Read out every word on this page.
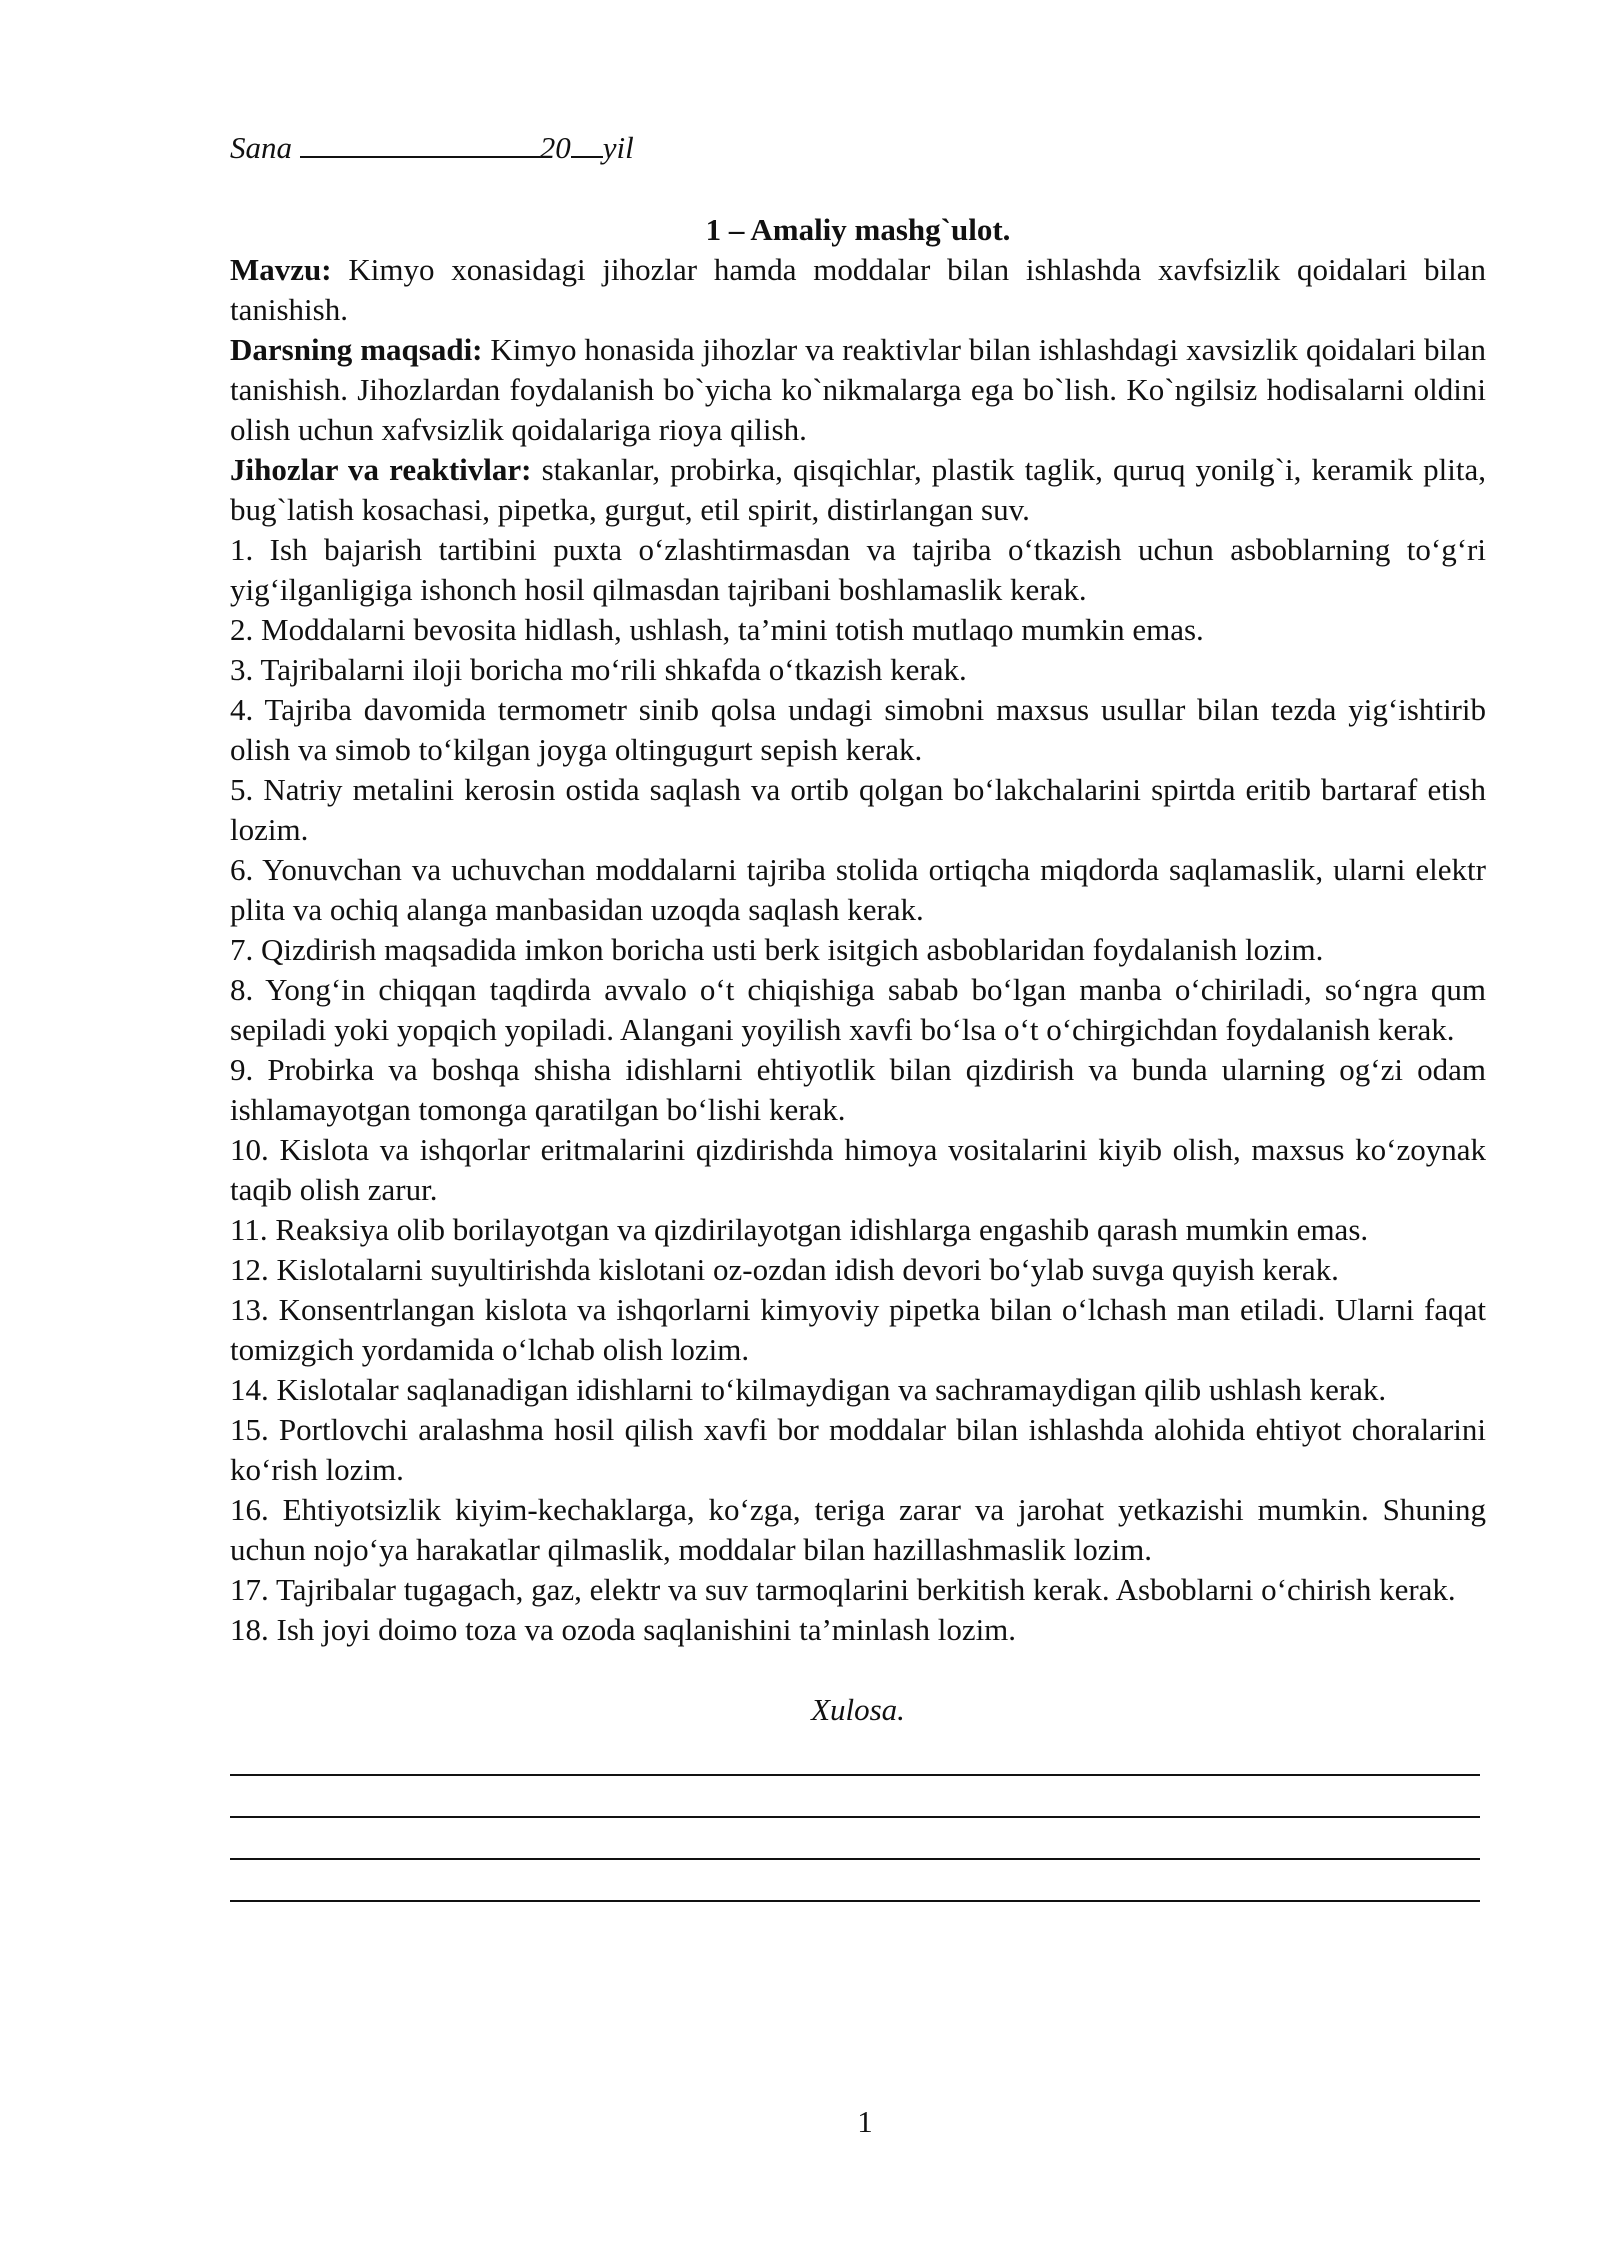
Sana	20 yil
1 – Amaliy mashg`ulot.

Mavzu: Kimyo xonasidagi jihozlar hamda moddalar bilan ishlashda xavfsizlik qoidalari bilan tanishish.

Darsning maqsadi: Kimyo honasida jihozlar va reaktivlar bilan ishlashdagi xavsizlik qoidalari bilan tanishish. Jihozlardan foydalanish bo`yicha ko`nikmalarga ega bo`lish. Ko`ngilsiz hodisalarni oldini olish uchun xafvsizlik qoidalariga rioya qilish.

Jihozlar va reaktivlar: stakanlar, probirka, qisqichlar, plastik taglik, quruq yonilg`i, keramik plita, bug`latish kosachasi, pipetka, gurgut, etil spirit, distirlangan suv.

1. Ish bajarish tartibini puxta o‘zlashtirmasdan va tajriba o‘tkazish uchun asboblarning to‘g‘ri yig‘ilganligiga ishonch hosil qilmasdan tajribani boshlamaslik kerak.
2. Moddalarni bevosita hidlash, ushlash, ta’mini totish mutlaqo mumkin emas.
3. Tajribalarni iloji boricha mo‘rili shkafda o‘tkazish kerak.
4. Tajriba davomida termometr sinib qolsa undagi simobni maxsus usullar bilan tezda yig‘ishtirib olish va simob to‘kilgan joyga oltingugurt sepish kerak.
5. Natriy metalini kerosin ostida saqlash va ortib qolgan bo‘lakchalarini spirtda eritib bartaraf etish lozim.
6. Yonuvchan va uchuvchan moddalarni tajriba stolida ortiqcha miqdorda saqlamaslik, ularni elektr plita va ochiq alanga manbasidan uzoqda saqlash kerak.
7. Qizdirish maqsadida imkon boricha usti berk isitgich asboblaridan foydalanish lozim.
8. Yong‘in chiqqan taqdirda avvalo o‘t chiqishiga sabab bo‘lgan manba o‘chiriladi, so‘ngra qum sepiladi yoki yopqich yopiladi. Alangani yoyilish xavfi bo‘lsa o‘t o‘chirgichdan foydalanish kerak.
9. Probirka va boshqa shisha idishlarni ehtiyotlik bilan qizdirish va bunda ularning og‘zi odam ishlamayotgan tomonga qaratilgan bo‘lishi kerak.
10. Kislota va ishqorlar eritmalarini qizdirishda himoya vositalarini kiyib olish, maxsus ko‘zoynak taqib olish zarur.
11. Reaksiya olib borilayotgan va qizdirilayotgan idishlarga engashib qarash mumkin emas.
12. Kislotalarni suyultirishda kislotani oz-ozdan idish devori bo‘ylab suvga quyish kerak.
13. Konsentrlangan kislota va ishqorlarni kimyoviy pipetka bilan o‘lchash man etiladi. Ularni faqat tomizgich yordamida o‘lchab olish lozim.
14. Kislotalar saqlanadigan idishlarni to‘kilmaydigan va sachramaydigan qilib ushlash kerak.
15. Portlovchi aralashma hosil qilish xavfi bor moddalar bilan ishlashda alohida ehtiyot choralarini ko‘rish lozim.
16. Ehtiyotsizlik kiyim-kechaklarga, ko‘zga, teriga zarar va jarohat yetkazishi mumkin. Shuning uchun nojo‘ya harakatlar qilmaslik, moddalar bilan hazillashmaslik lozim.
17. Tajribalar tugagach, gaz, elektr va suv tarmoqlarini berkitish kerak. Asboblarni o‘chirish kerak.
18. Ish joyi doimo toza va ozoda saqlanishini ta’minlash lozim.
Xulosa.
1
